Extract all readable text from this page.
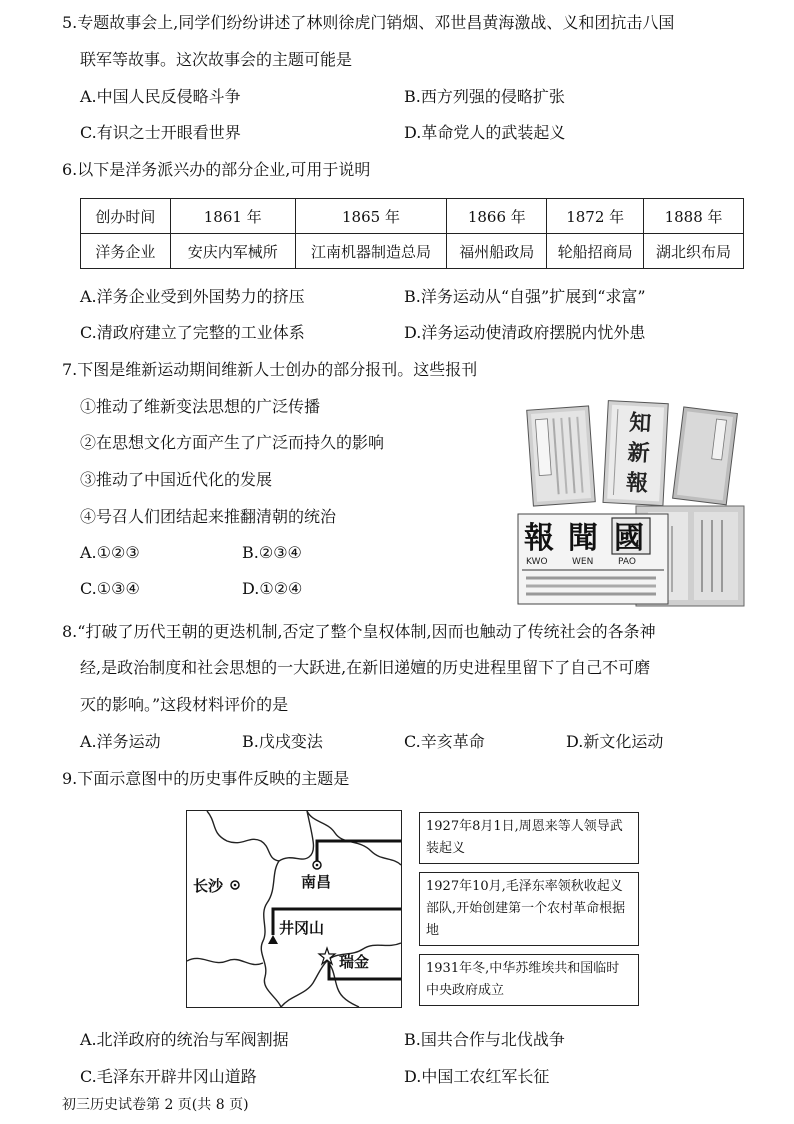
5.专题故事会上,同学们纷纷讲述了林则徐虎门销烟、邓世昌黄海激战、义和团抗击八国
联军等故事。这次故事会的主题可能是
A.中国人民反侵略斗争	B.西方列强的侵略扩张
C.有识之士开眼看世界	D.革命党人的武装起义
6.以下是洋务派兴办的部分企业,可用于说明
创办时间	1861 年	1865 年	1866 年	1872 年	1888 年
洋务企业	安庆内军械所	江南机器制造总局	福州船政局	轮船招商局	湖北织布局
A.洋务企业受到外国势力的挤压	B.洋务运动从“自强”扩展到“求富”
C.清政府建立了完整的工业体系	D.洋务运动使清政府摆脱内忧外患
7.下图是维新运动期间维新人士创办的部分报刊。这些报刊
①推动了维新变法思想的广泛传播
②在思想文化方面产生了广泛而持久的影响
③推动了中国近代化的发展
④号召人们团结起来推翻清朝的统治
A.①②③	B.②③④
C.①③④	D.①②④
知
新
報
報 聞 國
KWO	WEN	PAO
8.“打破了历代王朝的更迭机制,否定了整个皇权体制,因而也触动了传统社会的各条神
经,是政治制度和社会思想的一大跃进,在新旧递嬗的历史进程里留下了自己不可磨
灭的影响。”这段材料评价的是
A.洋务运动	B.戊戌变法	C.辛亥革命	D.新文化运动
9.下面示意图中的历史事件反映的主题是
长沙	南昌
井冈山
瑞金
1927年8月1日,周恩来等人领导武装起义
1927年10月,毛泽东率领秋收起义部队,开始创建第一个农村革命根据地
1931年冬,中华苏维埃共和国临时中央政府成立
A.北洋政府的统治与军阀割据	B.国共合作与北伐战争
C.毛泽东开辟井冈山道路	D.中国工农红军长征
初三历史试卷第 2 页(共 8 页)
